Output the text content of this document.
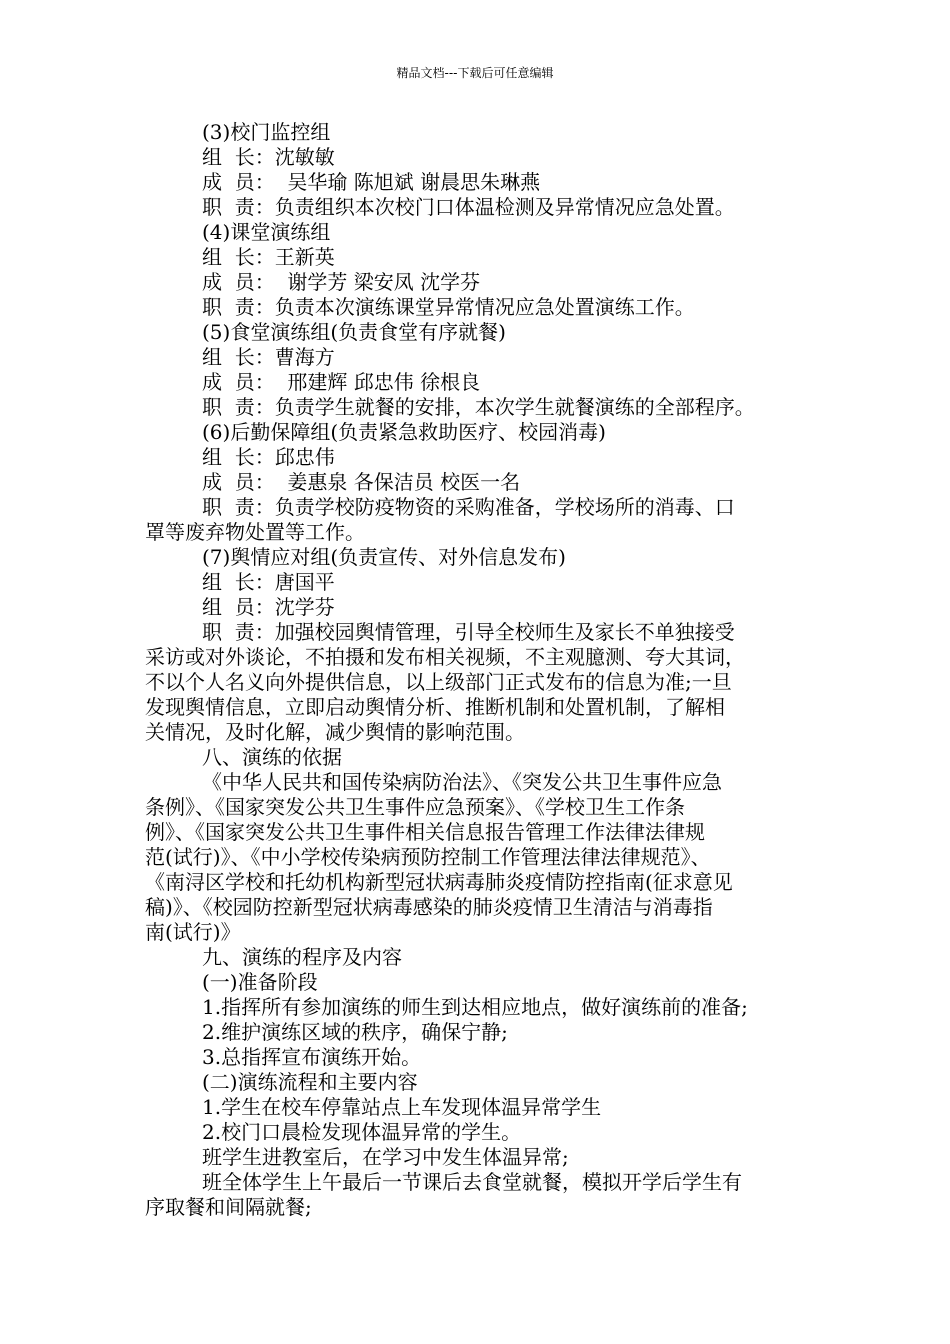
精品文档---下载后可任意编辑
(3)校门监控组
组  长：沈敏敏
成  员：  吴华瑜 陈旭斌 谢晨思朱琳燕
职  责：负责组织本次校门口体温检测及异常情况应急处置。
(4)课堂演练组
组  长：王新英
成  员：  谢学芳 梁安凤 沈学芬
职  责：负责本次演练课堂异常情况应急处置演练工作。
(5)食堂演练组(负责食堂有序就餐)
组  长：曹海方
成  员：  邢建辉 邱忠伟 徐根良
职  责：负责学生就餐的安排，本次学生就餐演练的全部程序。
(6)后勤保障组(负责紧急救助医疗、校园消毒)
组  长：邱忠伟
成  员：  姜惠泉 各保洁员 校医一名
职  责：负责学校防疫物资的采购准备，学校场所的消毒、口
罩等废弃物处置等工作。
(7)舆情应对组(负责宣传、对外信息发布)
组  长：唐国平
组  员：沈学芬
职  责：加强校园舆情管理，引导全校师生及家长不单独接受
采访或对外谈论，不拍摄和发布相关视频，不主观臆测、夸大其词，
不以个人名义向外提供信息，以上级部门正式发布的信息为准;一旦
发现舆情信息，立即启动舆情分析、推断机制和处置机制，了解相
关情况，及时化解，减少舆情的影响范围。
八、演练的依据
《中华人民共和国传染病防治法》、《突发公共卫生事件应急
条例》、《国家突发公共卫生事件应急预案》、《学校卫生工作条
例》、《国家突发公共卫生事件相关信息报告管理工作法律法律规
范(试行)》、《中小学校传染病预防控制工作管理法律法律规范》、
《南浔区学校和托幼机构新型冠状病毒肺炎疫情防控指南(征求意见
稿)》、《校园防控新型冠状病毒感染的肺炎疫情卫生清洁与消毒指
南(试行)》
九、演练的程序及内容
(一)准备阶段
1.指挥所有参加演练的师生到达相应地点，做好演练前的准备;
2.维护演练区域的秩序，确保宁静;
3.总指挥宣布演练开始。
(二)演练流程和主要内容
1.学生在校车停靠站点上车发现体温异常学生
2.校门口晨检发现体温异常的学生。
班学生进教室后，在学习中发生体温异常;
班全体学生上午最后一节课后去食堂就餐，模拟开学后学生有
序取餐和间隔就餐;
